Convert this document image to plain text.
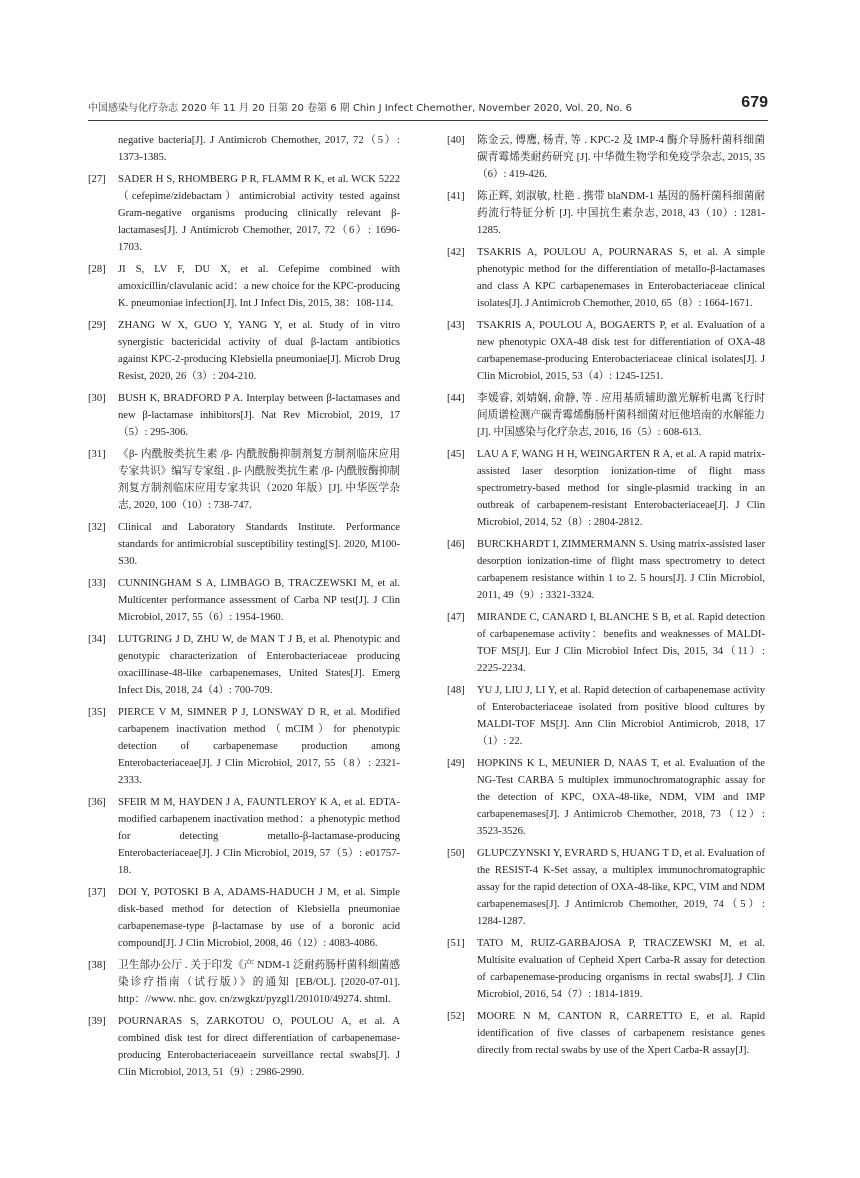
中国感染与化疗杂志 2020 年 11 月 20 日第 20 卷第 6 期 Chin J Infect Chemother, November 2020, Vol. 20, No. 6	679
negative bacteria[J]. J Antimicrob Chemother, 2017, 72（5）: 1373-1385.
[27] SADER H S, RHOMBERG P R, FLAMM R K, et al. WCK 5222（cefepime/zidebactam）antimicrobial activity tested against Gram-negative organisms producing clinically relevant β-lactamases[J]. J Antimicrob Chemother, 2017, 72（6）: 1696-1703.
[28] JI S, LV F, DU X, et al. Cefepime combined with amoxicillin/clavulanic acid：a new choice for the KPC-producing K. pneumoniae infection[J]. Int J Infect Dis, 2015, 38：108-114.
[29] ZHANG W X, GUO Y, YANG Y, et al. Study of in vitro synergistic bactericidal activity of dual β-lactam antibiotics against KPC-2-producing Klebsiella pneumoniae[J]. Microb Drug Resist, 2020, 26（3）: 204-210.
[30] BUSH K, BRADFORD P A. Interplay between β-lactamases and new β-lactamase inhibitors[J]. Nat Rev Microbiol, 2019, 17（5）: 295-306.
[31] 《β- 内酰胺类抗生素 /β- 内酰胺酶抑制剂复方制剂临床应用专家共识》编写专家组 . β- 内酰胺类抗生素 /β- 内酰胺酶抑制剂复方制剂临床应用专家共识（2020 年版）[J]. 中华医学杂志, 2020, 100（10）: 738-747.
[32] Clinical and Laboratory Standards Institute. Performance standards for antimicrobial susceptibility testing[S]. 2020, M100-S30.
[33] CUNNINGHAM S A, LIMBAGO B, TRACZEWSKI M, et al. Multicenter performance assessment of Carba NP test[J]. J Clin Microbiol, 2017, 55（6）: 1954-1960.
[34] LUTGRING J D, ZHU W, de MAN T J B, et al. Phenotypic and genotypic characterization of Enterobacteriaceae producing oxacillinase-48-like carbapenemases, United States[J]. Emerg Infect Dis, 2018, 24（4）: 700-709.
[35] PIERCE V M, SIMNER P J, LONSWAY D R, et al. Modified carbapenem inactivation method（mCIM）for phenotypic detection of carbapenemase production among Enterobacteriaceae[J]. J Clin Microbiol, 2017, 55（8）: 2321-2333.
[36] SFEIR M M, HAYDEN J A, FAUNTLEROY K A, et al. EDTA-modified carbapenem inactivation method：a phenotypic method for detecting metallo-β-lactamase-producing Enterobacteriaceae[J]. J Clin Microbiol, 2019, 57（5）: e01757-18.
[37] DOI Y, POTOSKI B A, ADAMS-HADUCH J M, et al. Simple disk-based method for detection of Klebsiella pneumoniae carbapenemase-type β-lactamase by use of a boronic acid compound[J]. J Clin Microbiol, 2008, 46（12）: 4083-4086.
[38] 卫生部办公厅 . 关于印发《产 NDM-1 泛耐药肠杆菌科细菌感染诊疗指南（试行版）》的通知 [EB/OL]. [2020-07-01]. http：//www. nhc. gov. cn/zwgkzt/pyzgl1/201010/49274. shtml.
[39] POURNARAS S, ZARKOTOU O, POULOU A, et al. A combined disk test for direct differentiation of carbapenemase-producing Enterobacteriaceaein surveillance rectal swabs[J]. J Clin Microbiol, 2013, 51（9）: 2986-2990.
[40] 陈金云, 傅鹰, 杨青, 等 . KPC-2 及 IMP-4 酶介导肠杆菌科细菌碳青霉烯类耐药研究 [J]. 中华微生物学和免疫学杂志, 2015, 35（6）: 419-426.
[41] 陈正辉, 刘淑敏, 杜艳 . 携带 blaNDM-1 基因的肠杆菌科细菌耐药流行特征分析 [J]. 中国抗生素杂志, 2018, 43（10）: 1281-1285.
[42] TSAKRIS A, POULOU A, POURNARAS S, et al. A simple phenotypic method for the differentiation of metallo-β-lactamases and class A KPC carbapenemases in Enterobacteriaceae clinical isolates[J]. J Antimicrob Chemother, 2010, 65（8）: 1664-1671.
[43] TSAKRIS A, POULOU A, BOGAERTS P, et al. Evaluation of a new phenotypic OXA-48 disk test for differentiation of OXA-48 carbapenemase-producing Enterobacteriaceae clinical isolates[J]. J Clin Microbiol, 2015, 53（4）: 1245-1251.
[44] 李媛睿, 刘婧娴, 俞静, 等 . 应用基质辅助激光解析电离飞行时间质谱检测产碳青霉烯酶肠杆菌科细菌对厄他培南的水解能力 [J]. 中国感染与化疗杂志, 2016, 16（5）: 608-613.
[45] LAU A F, WANG H H, WEINGARTEN R A, et al. A rapid matrix-assisted laser desorption ionization-time of flight mass spectrometry-based method for single-plasmid tracking in an outbreak of carbapenem-resistant Enterobacteriaceae[J]. J Clin Microbiol, 2014, 52（8）: 2804-2812.
[46] BURCKHARDT I, ZIMMERMANN S. Using matrix-assisted laser desorption ionization-time of flight mass spectrometry to detect carbapenem resistance within 1 to 2. 5 hours[J]. J Clin Microbiol, 2011, 49（9）: 3321-3324.
[47] MIRANDE C, CANARD I, BLANCHE S B, et al. Rapid detection of carbapenemase activity：benefits and weaknesses of MALDI-TOF MS[J]. Eur J Clin Microbiol Infect Dis, 2015, 34（11）: 2225-2234.
[48] YU J, LIU J, LI Y, et al. Rapid detection of carbapenemase activity of Enterobacteriaceae isolated from positive blood cultures by MALDI-TOF MS[J]. Ann Clin Microbiol Antimicrob, 2018, 17（1）: 22.
[49] HOPKINS K L, MEUNIER D, NAAS T, et al. Evaluation of the NG-Test CARBA 5 multiplex immunochromatographic assay for the detection of KPC, OXA-48-like, NDM, VIM and IMP carbapenemases[J]. J Antimicrob Chemother, 2018, 73（12）: 3523-3526.
[50] GLUPCZYNSKI Y, EVRARD S, HUANG T D, et al. Evaluation of the RESIST-4 K-Set assay, a multiplex immunochromatographic assay for the rapid detection of OXA-48-like, KPC, VIM and NDM carbapenemases[J]. J Antimicrob Chemother, 2019, 74（5）: 1284-1287.
[51] TATO M, RUIZ-GARBAJOSA P, TRACZEWSKI M, et al. Multisite evaluation of Cepheid Xpert Carba-R assay for detection of carbapenemase-producing organisms in rectal swabs[J]. J Clin Microbiol, 2016, 54（7）: 1814-1819.
[52] MOORE N M, CANTON R, CARRETTO E, et al. Rapid identification of five classes of carbapenem resistance genes directly from rectal swabs by use of the Xpert Carba-R assay[J].
